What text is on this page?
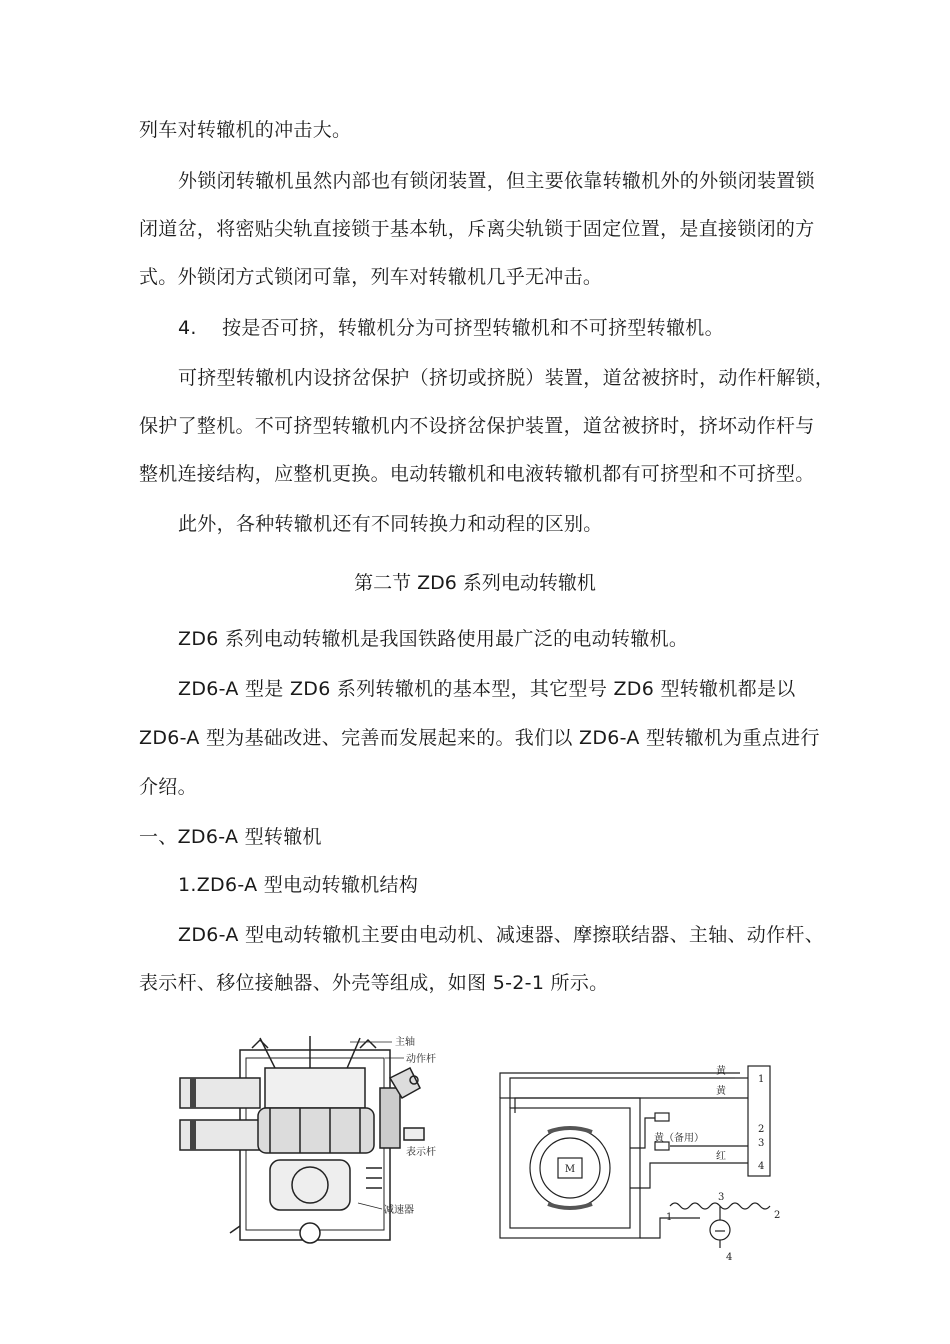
列车对转辙机的冲击大。
外锁闭转辙机虽然内部也有锁闭装置，但主要依靠转辙机外的外锁闭装置锁
闭道岔，将密贴尖轨直接锁于基本轨，斥离尖轨锁于固定位置，是直接锁闭的方
式。外锁闭方式锁闭可靠，列车对转辙机几乎无冲击。
4.    按是否可挤，转辙机分为可挤型转辙机和不可挤型转辙机。
可挤型转辙机内设挤岔保护（挤切或挤脱）装置，道岔被挤时，动作杆解锁，
保护了整机。不可挤型转辙机内不设挤岔保护装置，道岔被挤时，挤坏动作杆与
整机连接结构，应整机更换。电动转辙机和电液转辙机都有可挤型和不可挤型。
此外，各种转辙机还有不同转换力和动程的区别。
第二节 ZD6 系列电动转辙机
ZD6 系列电动转辙机是我国铁路使用最广泛的电动转辙机。
ZD6-A 型是 ZD6 系列转辙机的基本型，其它型号 ZD6 型转辙机都是以
ZD6-A 型为基础改进、完善而发展起来的。我们以 ZD6-A 型转辙机为重点进行
介绍。
一、ZD6-A 型转辙机
1.ZD6-A 型电动转辙机结构
ZD6-A 型电动转辙机主要由电动机、减速器、摩擦联结器、主轴、动作杆、
表示杆、移位接触器、外壳等组成，如图 5-2-1 所示。
主轴
动作杆
表示杆
减速器
M
黄
黄
黄（备用）
红
1
2
3
4
1	2
3
4
